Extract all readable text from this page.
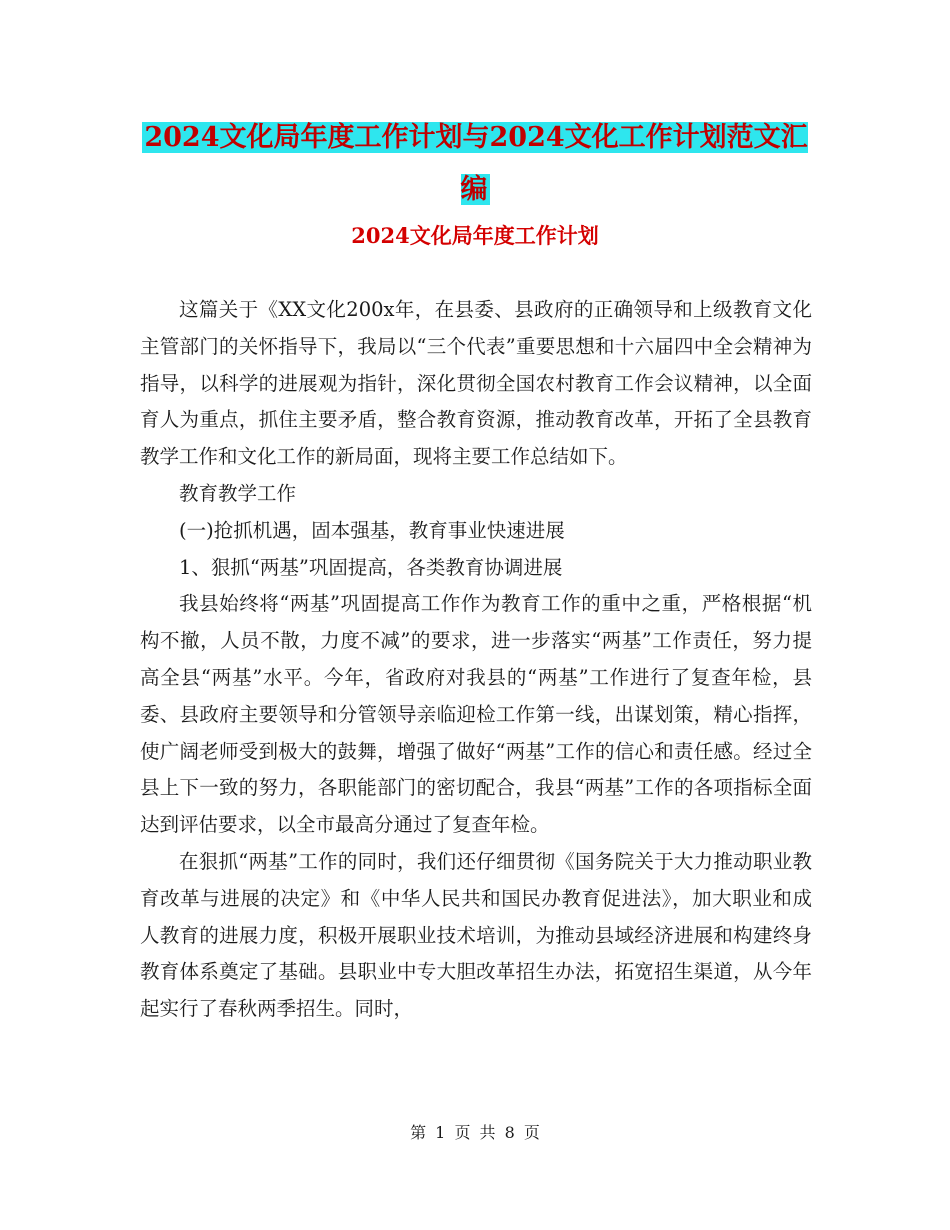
2024文化局年度工作计划与2024文化工作计划范文汇编
2024文化局年度工作计划

这篇关于《XX文化200x年，在县委、县政府的正确领导和上级教育文化主管部门的关怀指导下，我局以“三个代表”重要思想和十六届四中全会精神为指导，以科学的进展观为指针，深化贯彻全国农村教育工作会议精神，以全面育人为重点，抓住主要矛盾，整合教育资源，推动教育改革，开拓了全县教育教学工作和文化工作的新局面，现将主要工作总结如下。

教育教学工作

(一)抢抓机遇，固本强基，教育事业快速进展

1、狠抓“两基”巩固提高，各类教育协调进展

我县始终将“两基”巩固提高工作作为教育工作的重中之重，严格根据“机构不撤，人员不散，力度不减”的要求，进一步落实“两基”工作责任，努力提高全县“两基”水平。今年，省政府对我县的“两基”工作进行了复查年检，县委、县政府主要领导和分管领导亲临迎检工作第一线，出谋划策，精心指挥，使广阔老师受到极大的鼓舞，增强了做好“两基”工作的信心和责任感。经过全县上下一致的努力，各职能部门的密切配合，我县“两基”工作的各项指标全面达到评估要求，以全市最高分通过了复查年检。

在狠抓“两基”工作的同时，我们还仔细贯彻《国务院关于大力推动职业教育改革与进展的决定》和《中华人民共和国民办教育促进法》，加大职业和成人教育的进展力度，积极开展职业技术培训，为推动县域经济进展和构建终身教育体系奠定了基础。县职业中专大胆改革招生办法，拓宽招生渠道，从今年起实行了春秋两季招生。同时，

第 1 页 共 8 页
